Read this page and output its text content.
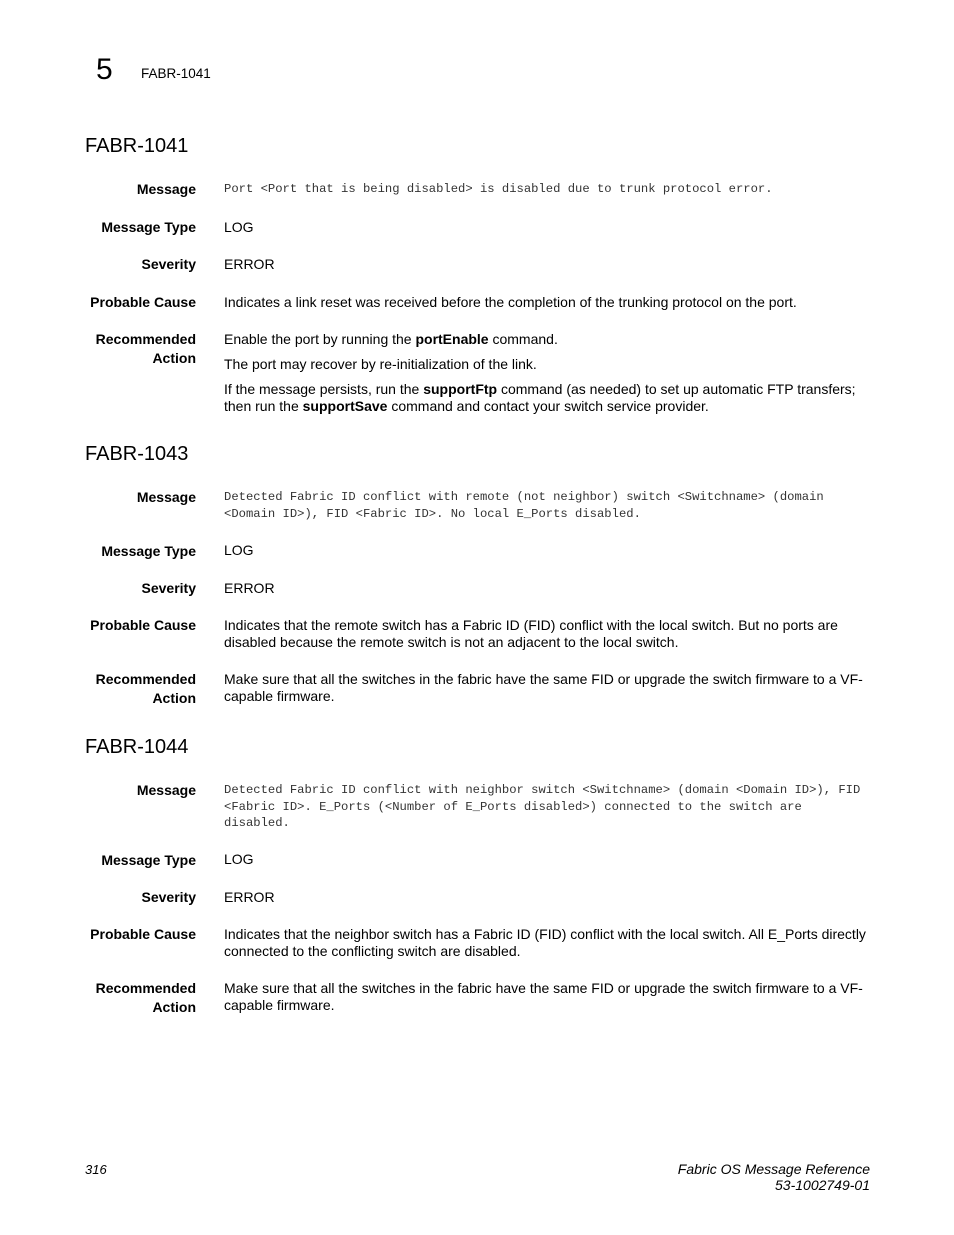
5 FABR-1041
FABR-1041
Message Port <Port that is being disabled> is disabled due to trunk protocol error.
Message Type LOG
Severity ERROR
Probable Cause Indicates a link reset was received before the completion of the trunking protocol on the port.
Recommended
Action
Enable the port by running the portEnable command.
The port may recover by re-initialization of the link.
If the message persists, run the supportFtp command (as needed) to set up automatic FTP transfers; then run the supportSave command and contact your switch service provider.
FABR-1043
Message Detected Fabric ID conflict with remote (not neighbor) switch <Switchname> (domain <Domain ID>), FID <Fabric ID>. No local E_Ports disabled.
Message Type LOG
Severity ERROR
Probable Cause Indicates that the remote switch has a Fabric ID (FID) conflict with the local switch. But no ports are disabled because the remote switch is not an adjacent to the local switch.
Recommended
Action
Make sure that all the switches in the fabric have the same FID or upgrade the switch firmware to a VF-capable firmware.
FABR-1044
Message Detected Fabric ID conflict with neighbor switch <Switchname> (domain <Domain ID>), FID <Fabric ID>. E_Ports (<Number of E_Ports disabled>) connected to the switch are disabled.
Message Type LOG
Severity ERROR
Probable Cause Indicates that the neighbor switch has a Fabric ID (FID) conflict with the local switch. All E_Ports directly connected to the conflicting switch are disabled.
Recommended
Action
Make sure that all the switches in the fabric have the same FID or upgrade the switch firmware to a VF-capable firmware.
316	Fabric OS Message Reference
53-1002749-01
